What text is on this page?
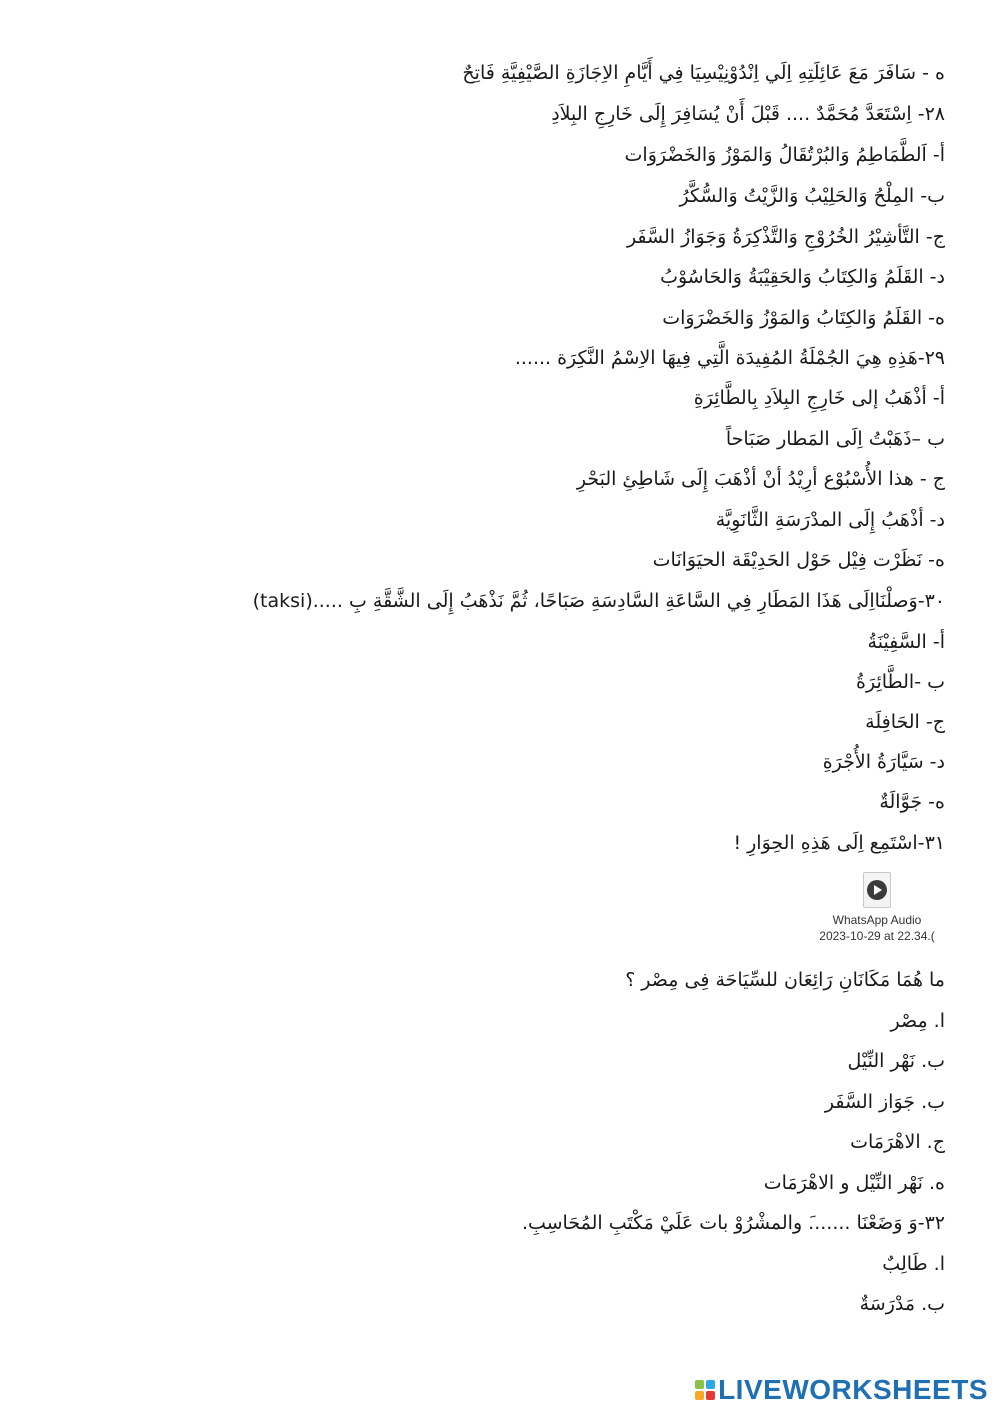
ه - سَافَرَ مَعَ عَائِلَتِهِ اِلَي اِنْدُوْنِيْسِيَا فِي أَيَّامِ الاِجَازَةِ الصَّيْفِيَّةِ فَاتِحٌ
٢٨- اِسْتَعَدَّ مُحَمَّدٌ .... قَبْلَ أَنْ يُسَافِرَ إِلَى خَارِجِ البِلاَدِ
أ- اَلطَّمَاطِمُ وَالبُرْتُقَالُ وَالمَوْزُ وَالخَضْرَوَات
ب- المِلْحُ وَالحَلِيْبُ وَالزَّيْتُ وَالسُّكَّرُ
ج- التَّأشِيْرُ الخُرُوْجِ وَالتَّذْكِرَةُ وَجَوَازُ السَّفَر
د- القَلَمُ وَالكِتَابُ وَالحَقِيْبَةُ وَالحَاسُوْبُ
ه- القَلَمُ وَالكِتَابُ وَالمَوْزُ وَالخَضْرَوَات
٢٩-هَذِهِ هِيَ الجُمْلَةُ المُفِيدَة الَّتِي فِيهَا الاِسْمُ النَّكِرَة ......
أ- أذْهَبُ إلى خَارِجِ البِلاَدِ بِالطَّائِرَةِ
ب –ذَهَبْتُ اِلَى المَطار صَبَاحاً
ج - هذا الأُسْبُوْع أرِيْدُ أنْ أذْهَبَ إِلَى شَاطِئِ البَحْرِ
د- أذْهَبُ إِلَى المدْرَسَةِ الثَّانَوِيَّة
ه- نَظَرْت فِيْل حَوْل الحَدِيْقَة الحيَوَانَات
٣٠-وَصلْنَااِلَى هَذَا المَطَارِ فِي السَّاعَةِ السَّادِسَةِ صَبَاحًا، ثُمَّ نَذْهَبُ إِلَى الشَّقَّةِ بِ .....(taksi)
أ- السَّفِيْنَةُ
ب -الطَّائِرَةُ
ج- الحَافِلَة
د- سَيَّارَةُ الأُجْرَةِ
ه- جَوَّالَةٌ
٣١-اسْتَمِع اِلَى هَذِهِ الحِوَارِ !
WhatsApp Audio
2023-10-29 at 22.34.(
ما هُمَا مَكَانَانِ رَائِعَان للسِّيَاحَة فِى مِصْر ؟
ا. مِصْر
ب. نَهْر النِّيْل
ب. جَوَاز السَّفَر
ج. الاهْرَمَات
ه. نَهْر النِّيْل و الاهْرَمَات
٣٢-وَ وَضَعْنَا .......َ والمشْرُوْ بات عَلَيْ مَكْتَبِ المُحَاسِبِ.
ا. طَالِبٌ
ب. مَدْرَسَةٌ
LIVEWORKSHEETS
